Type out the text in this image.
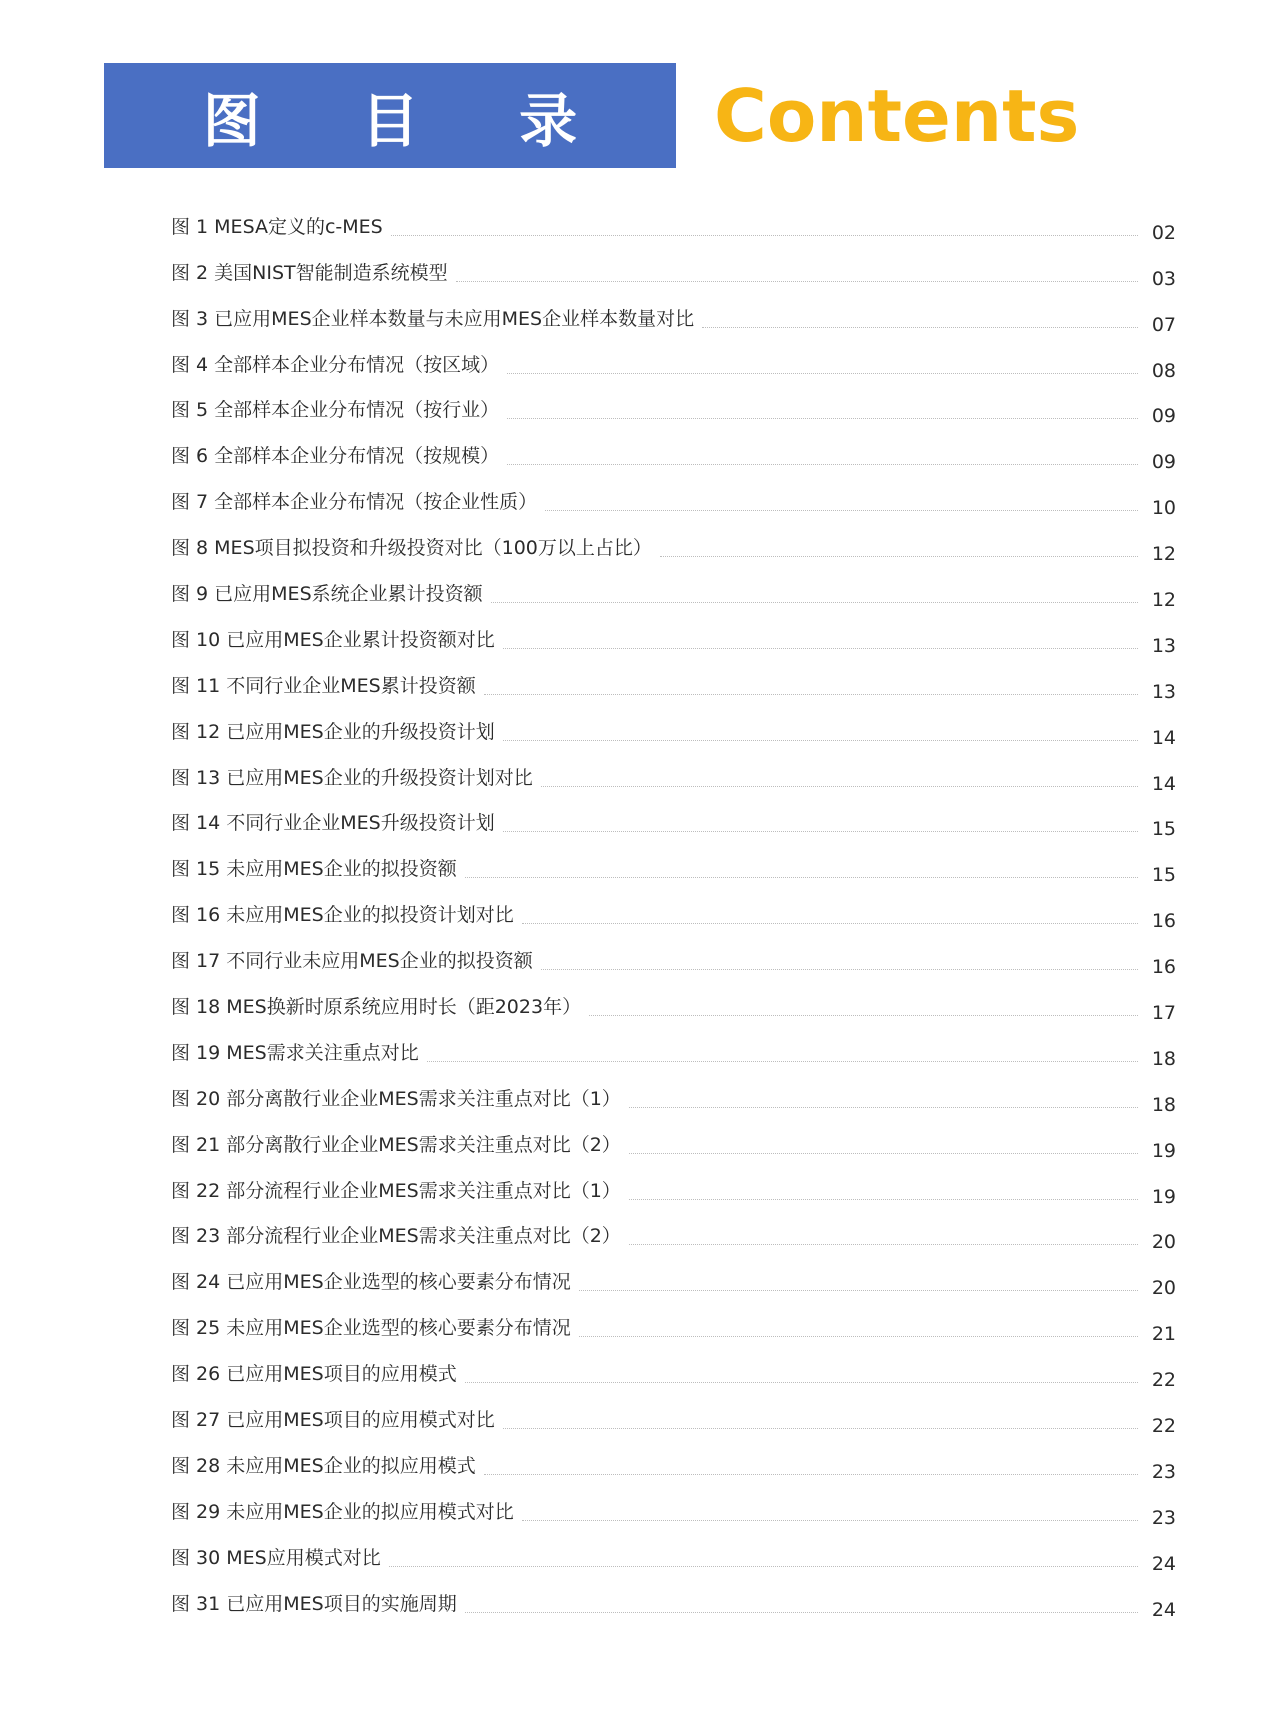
图 目 录 Contents
图 1 MESA定义的c-MES	02
图 2 美国NIST智能制造系统模型	03
图 3 已应用MES企业样本数量与未应用MES企业样本数量对比	07
图 4 全部样本企业分布情况（按区域）	08
图 5 全部样本企业分布情况（按行业）	09
图 6 全部样本企业分布情况（按规模）	09
图 7 全部样本企业分布情况（按企业性质）	10
图 8 MES项目拟投资和升级投资对比（100万以上占比）	12
图 9 已应用MES系统企业累计投资额	12
图 10 已应用MES企业累计投资额对比	13
图 11 不同行业企业MES累计投资额	13
图 12 已应用MES企业的升级投资计划	14
图 13 已应用MES企业的升级投资计划对比	14
图 14 不同行业企业MES升级投资计划	15
图 15 未应用MES企业的拟投资额	15
图 16 未应用MES企业的拟投资计划对比	16
图 17 不同行业未应用MES企业的拟投资额	16
图 18 MES换新时原系统应用时长（距2023年）	17
图 19 MES需求关注重点对比	18
图 20 部分离散行业企业MES需求关注重点对比（1）	18
图 21 部分离散行业企业MES需求关注重点对比（2）	19
图 22 部分流程行业企业MES需求关注重点对比（1）	19
图 23 部分流程行业企业MES需求关注重点对比（2）	20
图 24 已应用MES企业选型的核心要素分布情况	20
图 25 未应用MES企业选型的核心要素分布情况	21
图 26 已应用MES项目的应用模式	22
图 27 已应用MES项目的应用模式对比	22
图 28 未应用MES企业的拟应用模式	23
图 29 未应用MES企业的拟应用模式对比	23
图 30 MES应用模式对比	24
图 31 已应用MES项目的实施周期	24
